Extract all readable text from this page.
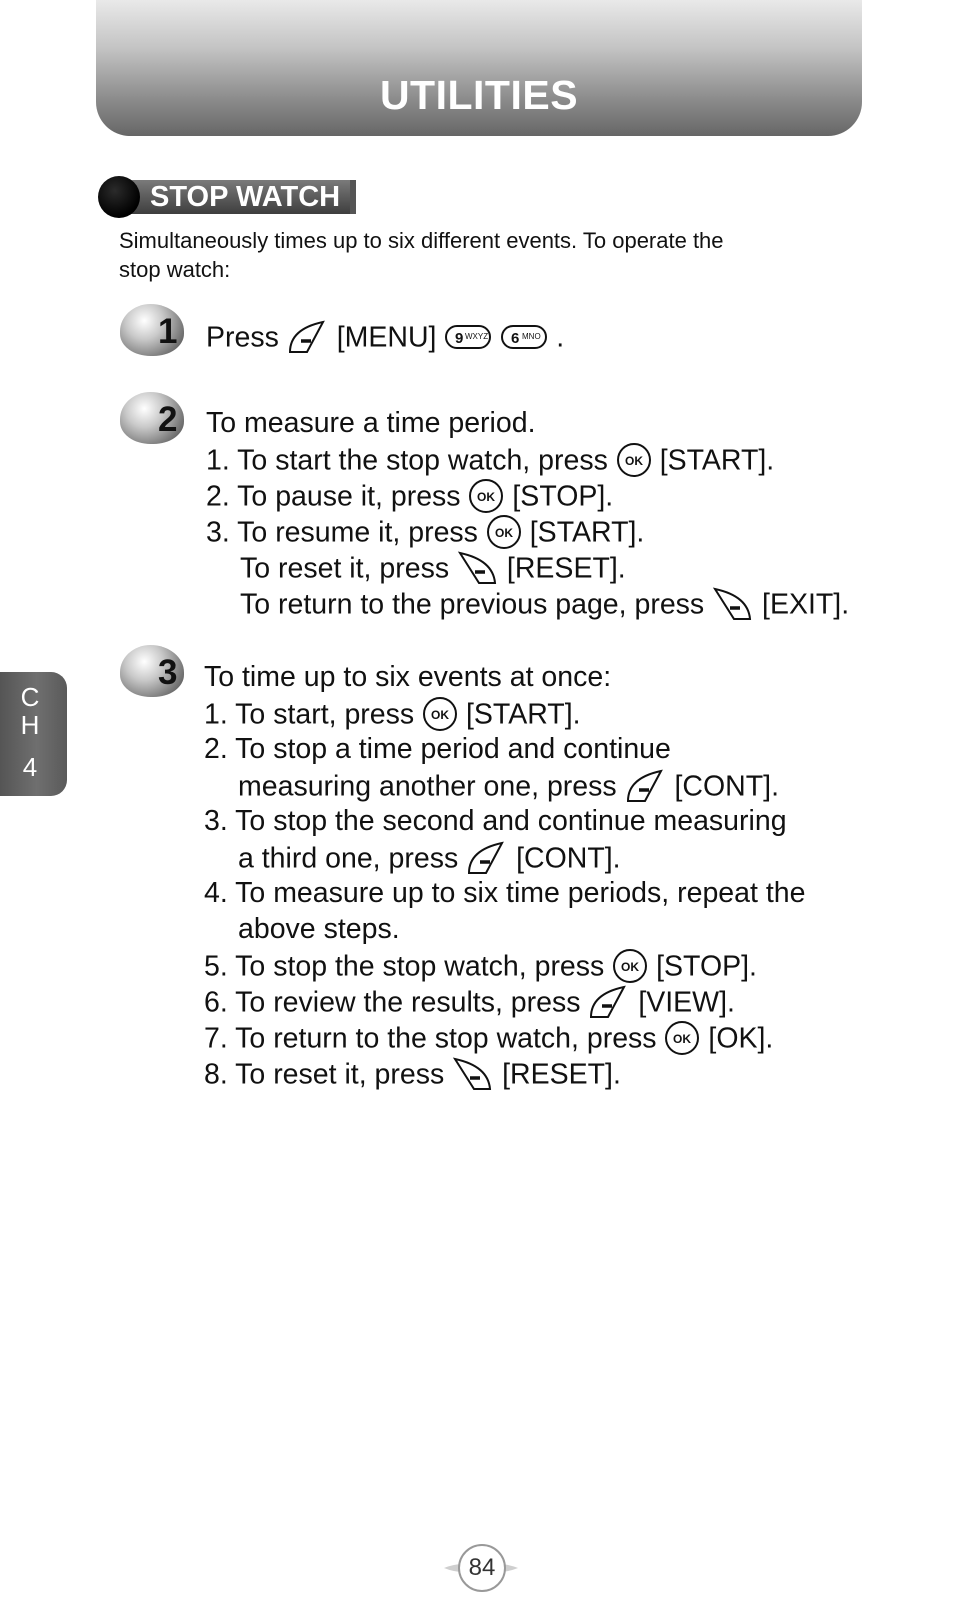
UTILITIES
STOP WATCH
Simultaneously times up to six different events. To operate the
stop watch:
1 Press [MENU] 9 WXYZ
6 MNO .
2 To measure a time period.
1. To start the stop watch, press OK [START].
2. To pause it, press OK [STOP].
3. To resume it, press OK [START].
To reset it, press [RESET].
To return to the previous page, press [EXIT].
3 To time up to six events at once:
1. To start, press OK [START].
2. To stop a time period and continue
measuring another one, press [CONT].
3. To stop the second and continue measuring
a third one, press [CONT].
4. To measure up to six time periods, repeat the
above steps.
5. To stop the stop watch, press OK [STOP].
6. To review the results, press [VIEW].
7. To return to the stop watch, press OK [OK].
8. To reset it, press [RESET].
C
H
4
84
